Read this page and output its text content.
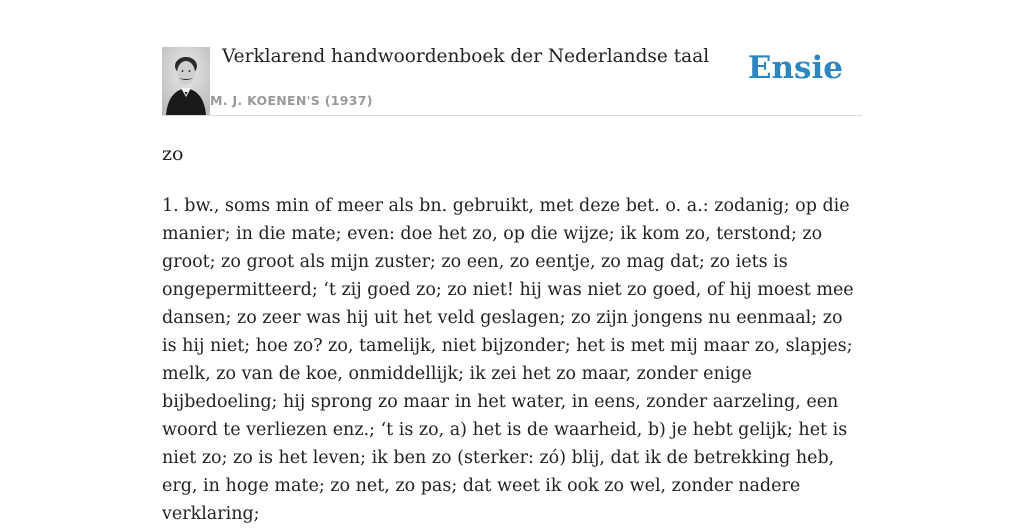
Verklarend handwoordenboek der Nederlandse taal
M. J. KOENEN'S (1937)
Ensie
zo

1. bw., soms min of meer als bn. gebruikt, met deze bet. o. a.: zodanig; op die manier; in die mate; even: doe het zo, op die wijze; ik kom zo, terstond; zo groot; zo groot als mijn zuster; zo een, zo eentje, zo mag dat; zo iets is ongepermitteerd; ‘t zij goed zo; zo niet! hij was niet zo goed, of hij moest mee dansen; zo zeer was hij uit het veld geslagen; zo zijn jongens nu eenmaal; zo is hij niet; hoe zo? zo, tamelijk, niet bijzonder; het is met mij maar zo, slapjes; melk, zo van de koe, onmiddellijk; ik zei het zo maar, zonder enige bijbedoeling; hij sprong zo maar in het water, in eens, zonder aarzeling, een woord te verliezen enz.; ‘t is zo, a) het is de waarheid, b) je hebt gelijk; het is niet zo; zo is het leven; ik ben zo (sterker: zó) blij, dat ik de betrekking heb, erg, in hoge mate; zo net, zo pas; dat weet ik ook zo wel, zonder nadere verklaring;
